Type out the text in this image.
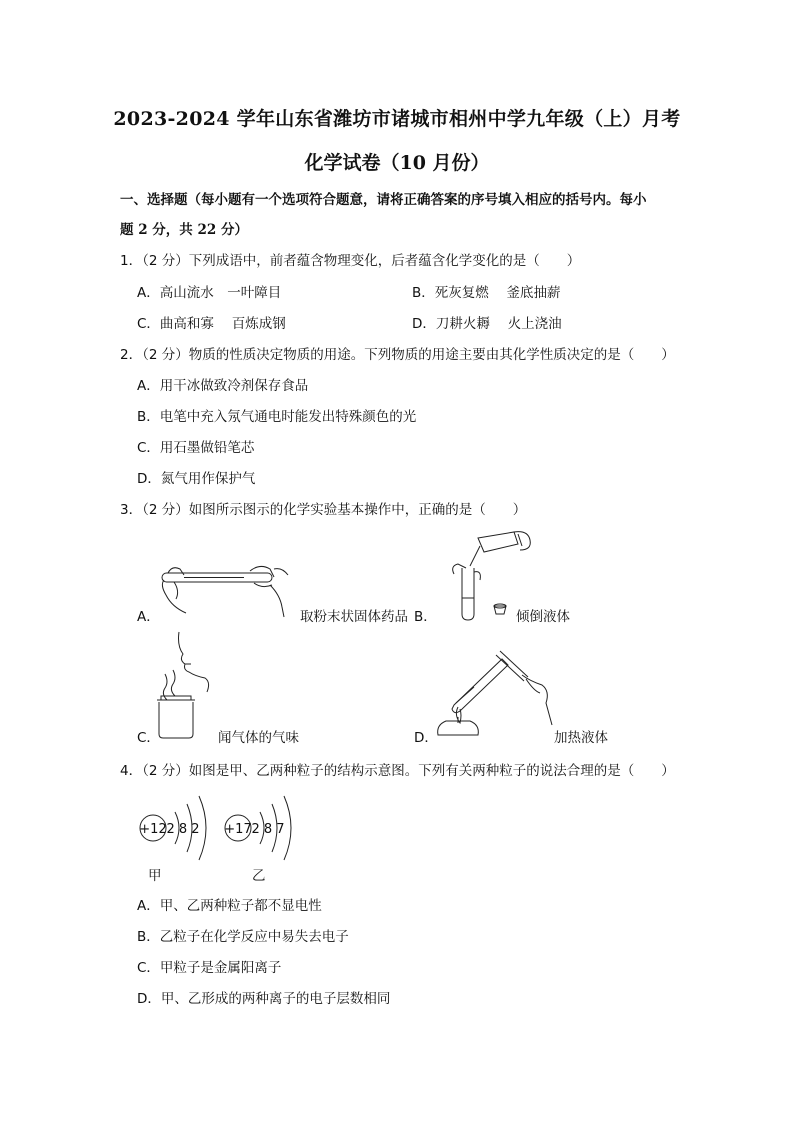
2023-2024 学年山东省潍坊市诸城市相州中学九年级（上）月考
化学试卷（10 月份）
一、选择题（每小题有一个选项符合题意，请将正确答案的序号填入相应的括号内。每小
题 2 分，共 22 分）
1．（2 分）下列成语中，前者蕴含物理变化，后者蕴含化学变化的是（　　）
A．高山流水　一叶障目	B．死灰复燃　 釜底抽薪
C．曲高和寡　 百炼成钢	D．刀耕火耨　 火上浇油
2．（2 分）物质的性质决定物质的用途。下列物质的用途主要由其化学性质决定的是（　　）
A．用干冰做致冷剂保存食品
B．电笔中充入氖气通电时能发出特殊颜色的光
C．用石墨做铅笔芯
D．氮气用作保护气
3．（2 分）如图所示图示的化学实验基本操作中，正确的是（　　）
A．	取粉末状固体药品 B．	倾倒液体
C．	闻气体的气味	D．	加热液体
4．（2 分）如图是甲、乙两种粒子的结构示意图。下列有关两种粒子的说法合理的是（　　）
+12 2 8 2
甲
+17 2 8 7
乙
A．甲、乙两种粒子都不显电性
B．乙粒子在化学反应中易失去电子
C．甲粒子是金属阳离子
D．甲、乙形成的两种离子的电子层数相同
